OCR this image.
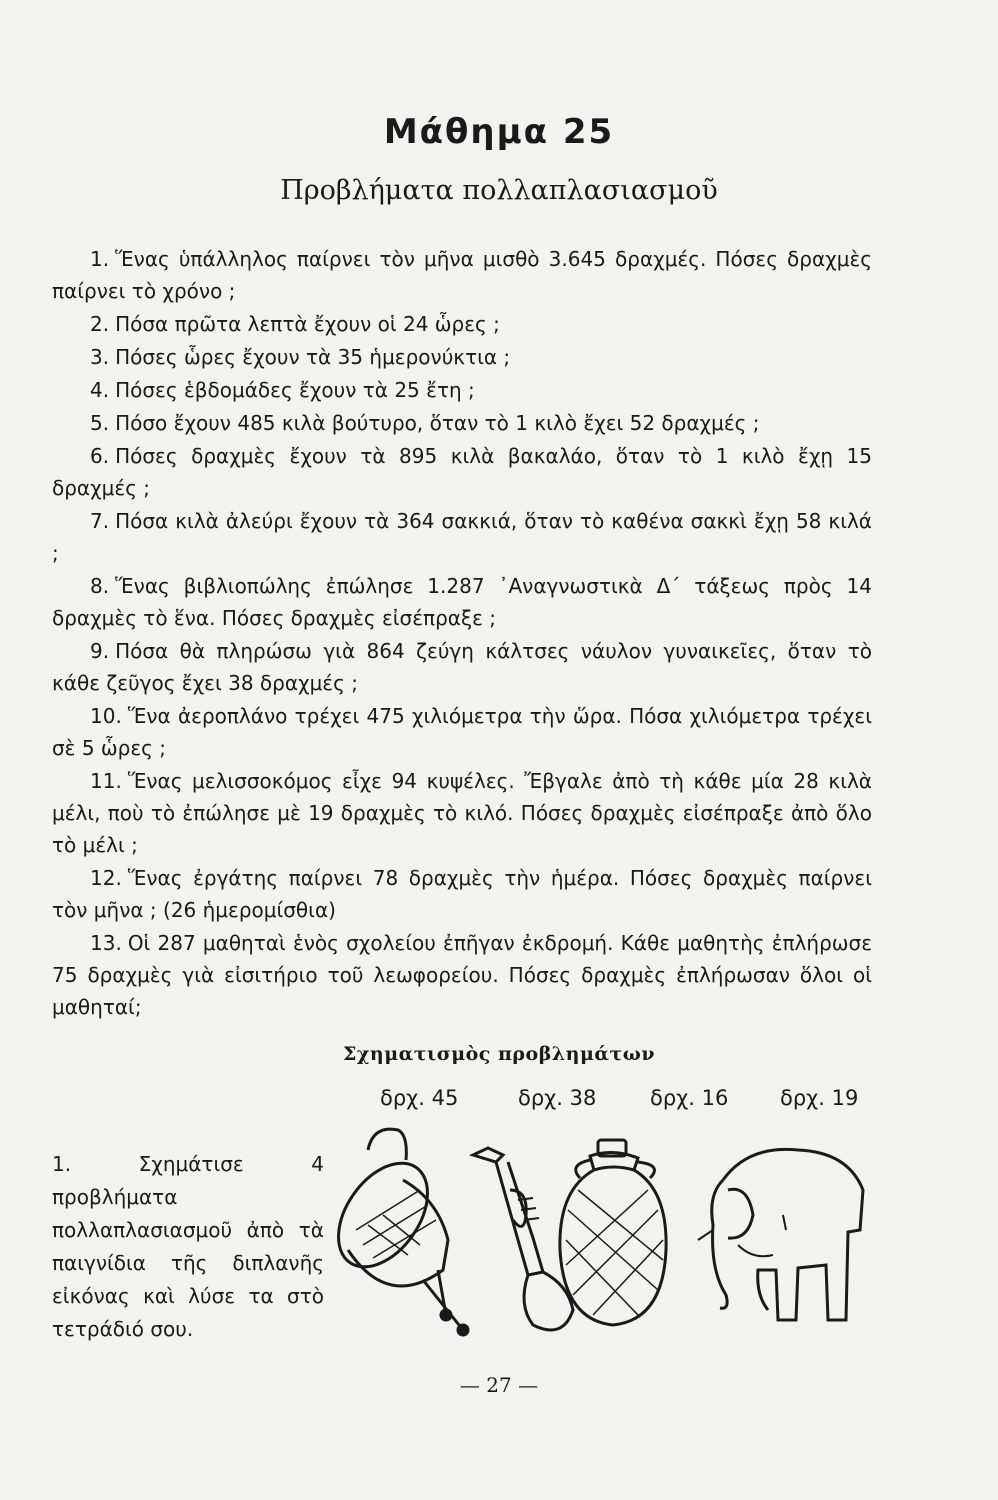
Μάθημα 25
Προβλήματα πολλαπλασιασμοῦ

1. Ἕνας ὑπάλληλος παίρνει τὸν μῆνα μισθὸ 3.645 δραχμές. Πόσες δραχμὲς παίρνει τὸ χρόνο ;

2. Πόσα πρῶτα λεπτὰ ἔχουν οἱ 24 ὧρες ;

3. Πόσες ὧρες ἔχουν τὰ 35 ἡμερονύκτια ;

4. Πόσες ἑβδομάδες ἔχουν τὰ 25 ἔτη ;

5. Πόσο ἔχουν 485 κιλὰ βούτυρο, ὅταν τὸ 1 κιλὸ ἔχει 52 δραχμές ;

6. Πόσες δραχμὲς ἔχουν τὰ 895 κιλὰ βακαλάο, ὅταν τὸ 1 κιλὸ ἔχῃ 15 δραχμές ;

7. Πόσα κιλὰ ἀλεύρι ἔχουν τὰ 364 σακκιά, ὅταν τὸ καθένα σακκὶ ἔχῃ 58 κιλά ;

8. Ἕνας βιβλιοπώλης ἐπώλησε 1.287 ᾿Αναγνωστικὰ Δ΄ τάξεως πρὸς 14 δραχμὲς τὸ ἕνα. Πόσες δραχμὲς εἰσέπραξε ;

9. Πόσα θὰ πληρώσω γιὰ 864 ζεύγη κάλτσες νάυλον γυναικεῖες, ὅταν τὸ κάθε ζεῦγος ἔχει 38 δραχμές ;

10. Ἕνα ἀεροπλάνο τρέχει 475 χιλιόμετρα τὴν ὥρα. Πόσα χιλιόμετρα τρέχει σὲ 5 ὧρες ;

11. Ἕνας μελισσοκόμος εἶχε 94 κυψέλες. Ἔβγαλε ἀπὸ τὴ κάθε μία 28 κιλὰ μέλι, ποὺ τὸ ἐπώλησε μὲ 19 δραχμὲς τὸ κιλό. Πόσες δραχμὲς εἰσέπραξε ἀπὸ ὅλο τὸ μέλι ;

12. Ἕνας ἐργάτης παίρνει 78 δραχμὲς τὴν ἡμέρα. Πόσες δραχμὲς παίρνει τὸν μῆνα ; (26 ἡμερομίσθια)

13. Οἱ 287 μαθηταὶ ἑνὸς σχολείου ἐπῆγαν ἐκδρομή. Κάθε μαθητὴς ἐπλήρωσε 75 δραχμὲς γιὰ εἰσιτήριο τοῦ λεωφορείου. Πόσες δραχμὲς ἐπλήρωσαν ὅλοι οἱ μαθηταί;

Σχηματισμὸς προβλημάτων
δρχ. 45	δρχ. 38	δρχ. 16 δρχ. 19
1. Σχημάτισε 4 προβλήματα πολλαπλασιασμοῦ ἀπὸ τὰ παιγνίδια τῆς διπλανῆς εἰκόνας καὶ λύσε τα στὸ τετράδιό σου.
— 27 —
